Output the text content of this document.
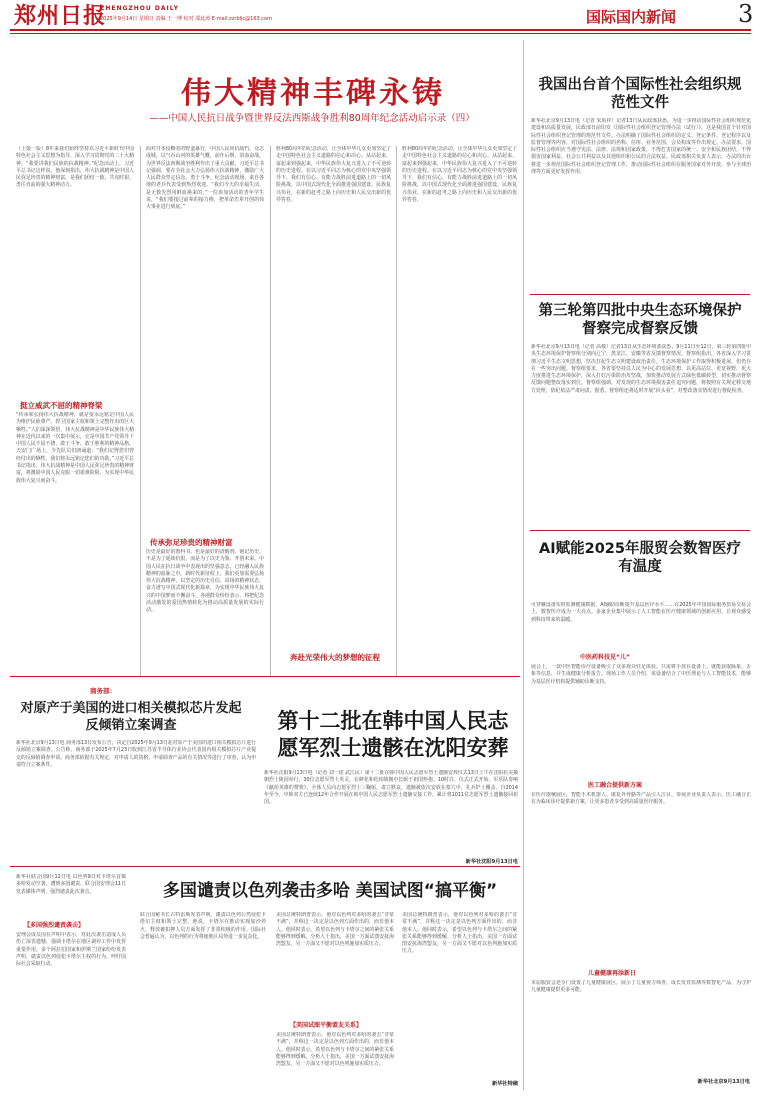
郑州日报
ZHENGZHOU DAILY
2025年9月14日 星期日 责编 王一博 校对 邵此涛 E-mail:zzrbljc@163.com	国际国内新闻	3
伟大精神丰碑永铸
——中国人民抗日战争暨世界反法西斯战争胜利80周年纪念活动启示录（四）
（上接一版）8年来我们始终坚持以习近平新时代中国特色社会主义思想为指导，深入学习贯彻党的二十大精神。“我要讲我们民族的抗战精神。”纪念活动上，习近平总书记这样说。他深刻指出，伟大抗战精神是中国人民弥足珍贵的精神财富，是我们团结一致、共克时艰、勇往直前的强大精神动力。
挺立威武不屈的精神脊梁
“传承和弘扬伟大抗战精神，就是要永远铭记中国人民为维护民族尊严、捍卫国家主权和领土完整作出的巨大牺牲。”人们深深领悟，伟大抗战精神是中华民族伟大精神在近代以来的一次集中展示，它是中国共产党领导下中国人民不屈不挠、敢于斗争、敢于胜利的精神品格。天安门广场上，少先队员们朗诵道：“我们记得您们曾经付出的牺牲，我们将永远铭记您们的功勋。”习近平总书记指出，伟大抗战精神是中国人民弥足珍贵的精神财富，将激励中国人民克服一切艰难险阻、为实现中华民族伟大复兴而奋斗。
面对日本侵略者的野蛮暴行，中国人民同仇敌忾、众志成城，以气吞山河的英雄气概，前仆后继、浴血奋战，为世界反法西斯战争胜利作出了重大贡献。习近平总书记强调，要在全社会大力弘扬伟大抗战精神，激励广大人民群众坚定信念、勇于斗争。纪念活动现场，来自各地的老兵代表受到热烈欢迎。“我们今天的幸福生活，是无数先烈用鲜血换来的。”一位参加活动的青年学生说，“我们要接过前辈的接力棒，把革命先辈开创的伟大事业进行到底。”
传承弥足珍贵的精神财富
历史是最好的教科书，也是最好的清醒剂。铭记历史，不是为了延续仇恨，而是为了以史为鉴、开创未来。中国人民在抗日战争中表现出的坚强意志，已经融入民族精神的血脉之中。新时代新征程上，我们更加需要弘扬伟大抗战精神，以坚定的历史自信、昂扬的精神状态，奋力谱写中国式现代化新篇章，为实现中华民族伟大复兴的中国梦而不懈奋斗。各地群众纷纷表示，将把纪念活动激发的爱国热情转化为推动高质量发展的实际行动。
胜利80周年的纪念活动，让全体中华儿女更加坚定了走中国特色社会主义道路的信心和决心。从站起来、富起来到强起来，中华民族伟大复兴进入了不可逆转的历史进程。在以习近平同志为核心的党中央坚强领导下，我们有信心、有能力战胜前进道路上的一切风险挑战，以中国式现代化全面推进强国建设、民族复兴伟业，在新的赶考之路上向历史和人民交出新的优异答卷。
奔赴光荣伟大的梦想的征程
胜利80周年的纪念活动，让全体中华儿女更加坚定了走中国特色社会主义道路的信心和决心。从站起来、富起来到强起来，中华民族伟大复兴进入了不可逆转的历史进程。在以习近平同志为核心的党中央坚强领导下，我们有信心、有能力战胜前进道路上的一切风险挑战，以中国式现代化全面推进强国建设、民族复兴伟业，在新的赶考之路上向历史和人民交出新的优异答卷。
我国出台首个国际性社会组织规范性文件
新华社北京9月13日电（记者 朱禹祥）记者13日从民政部获悉，为进一步推动国际性社会组织规范化建设和高质量发展，民政部日前印发《国际性社会组织登记管理办法（试行）》，这是我国首个针对国际性社会组织登记管理的规范性文件。办法明确了国际性社会组织的定义、登记条件、登记程序以及监督管理等内容，对国际性社会组织的名称、住所、业务范围、会员构成等作出规定。办法要求，国际性社会组织应当遵守宪法、法律、法规和国家政策，不得危害国家的统一、安全和民族团结，不得损害国家利益、社会公共利益以及其他组织和公民的合法权益。民政部相关负责人表示，办法的出台将进一步规范国际性社会组织登记管理工作，推动国际性社会组织在服务国家对外开放、参与全球治理等方面更好发挥作用。
第三轮第四批中央生态环境保护督察完成督察反馈
新华社北京9月13日电（记者 高敬）记者13日从生态环境部获悉，9月11日至12日，第三轮第四批中央生态环境保护督察组分别向辽宁、黑龙江、安徽等省反馈督察情况。督察组指出，各省深入学习贯彻习近平生态文明思想，坚决扛起生态文明建设政治责任，生态环境保护工作取得积极进展，但仍存在一些突出问题。督察组要求，各省要坚持以人民为中心的发展思想，以更高站位、更宽视野、更大力度推进生态环境保护，深入打好污染防治攻坚战，加快推动发展方式绿色低碳转型，切实推动督察反馈问题整改落实到位。督察组强调，对发现的生态环境损害责任追究问题，将按照有关规定移交地方处理，依纪依法严肃问责。据悉，督察组还将适时开展“回头看”，对整改落实情况进行督促检查。
AI赋能2025年服贸会数智医疗有温度
可穿戴设备实时监测健康数据，AI辅助诊断提升基层医疗水平……在2025年中国国际服务贸易交易会上，数智医疗成为一大亮点。多家企业集中展示了人工智能在医疗健康领域的创新应用，让观众感受到科技带来的温暖。
中医药科技见“儿”
展会上，一款中医智能诊疗设备吸引了众多观众驻足体验。只需将手放在设备上，就能获取脉象、舌象等信息，并生成健康分析报告。现场工作人员介绍，该设备结合了中医理论与人工智能技术，能够为基层医疗机构提供辅助诊断支持。
医工融合提供新方案
在医疗器械展区，智能手术机器人、康复外骨骼等产品引人注目。参展企业负责人表示，医工融合正在为临床诊疗提供新方案，让更多患者享受到高质量医疗服务。
儿童健康再添新日
本届服贸会还专门设置了儿童健康展区，展示了儿童视力筛查、成长发育监测等数智化产品，为守护儿童健康提供更多可能。
新华社北京9月13日电
商务部：
对原产于美国的进口相关模拟芯片发起反倾销立案调查
新华社北京9月13日电 商务部13日发布公告，决定自2025年9月13日起对原产于美国的进口相关模拟芯片进行反倾销立案调查。公告称，商务部于2025年7月23日收到江苏省半导体行业协会代表国内相关模拟芯片产业提交的反倾销调查申请。商务部依据有关规定，对申请人的资格、申请调查产品的有关情况等进行了审查，认为申请符合立案条件。
第十二批在韩中国人民志愿军烈士遗骸在沈阳安葬
新华社沈阳9月13日电（记者 刘一诺 武江民）第十二批在韩中国人民志愿军烈士遗骸安葬仪式13日上午在沈阳抗美援朝烈士陵园举行。30位志愿军烈士英灵，在鲜花和松柏簇拥中长眠于祖国怀抱。10时许，仪式正式开始。军乐队奏响《献给英雄的赞歌》。全体人员向志愿军烈士三鞠躬，肃立默哀。遗骸被依次安放在墓穴中，礼兵铲土覆盖。自2014年至今，中韩双方已连续12年合作开展在韩中国人民志愿军烈士遗骸交接工作，累计将1011位志愿军烈士遗骸接回祖国。
新华社沈阳9月13日电
新华社联合国9月12日电 以色列9日对卡塔尔首都多哈发动空袭，遭到多国谴责。联合国安理会11日发表媒体声明，强烈谴责此次袭击。	多国谴责以色列袭击多哈 美国试图“搞平衡”
【多国强烈谴责袭击】
安理会成员国在声明中表示，对此次袭击造成人员伤亡深表遗憾，强调卡塔尔在地区调停工作中发挥重要作用。多个阿拉伯国家和伊斯兰国家纷纷发表声明，谴责以色列侵犯卡塔尔主权的行为，呼吁国际社会采取行动。
联合国秘书长古特雷斯发表声明，谴责以色列公然侵犯卡塔尔主权和领土完整。他说，卡塔尔在推动实现加沙停火、释放被扣押人员方面发挥了非常积极的作用。国际社会普遍认为，以色列的行为将使地区局势进一步复杂化。
【美国试图平衡盟友关系】
美国总统特朗普表示，他对以色列对多哈的袭击“非常不满”，并称这一决定是以色列方面作出的，而非他本人。他同时表示，希望以色列与卡塔尔之间的紧张关系能够得到缓解。分析人士指出，美国一方面试图安抚海湾盟友，另一方面又不愿对以色列施加实质压力。
美国总统特朗普表示，他对以色列对多哈的袭击“非常不满”，并称这一决定是以色列方面作出的，而非他本人。他同时表示，希望以色列与卡塔尔之间的紧张关系能够得到缓解。分析人士指出，美国一方面试图安抚海湾盟友，另一方面又不愿对以色列施加实质压力。
美国总统特朗普表示，他对以色列对多哈的袭击“非常不满”，并称这一决定是以色列方面作出的，而非他本人。他同时表示，希望以色列与卡塔尔之间的紧张关系能够得到缓解。分析人士指出，美国一方面试图安抚海湾盟友，另一方面又不愿对以色列施加实质压力。
新华社特稿
